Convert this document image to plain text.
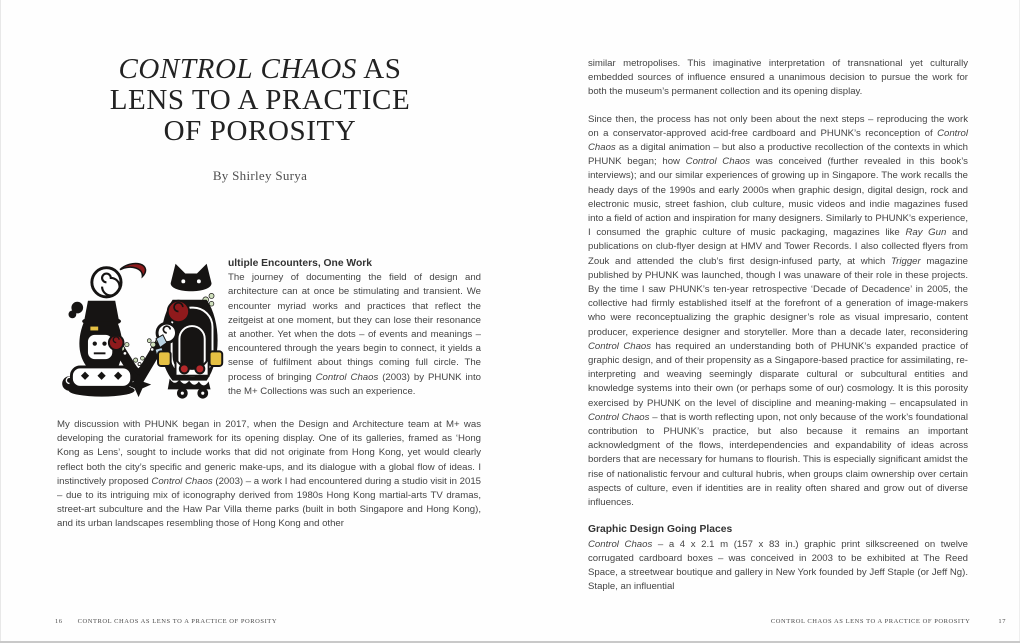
CONTROL CHAOS AS
LENS TO A PRACTICE
OF POROSITY
By Shirley Surya
ultiple Encounters, One Work
The journey of documenting the field of design and architecture can at once be stimulating and transient. We encounter myriad works and practices that reflect the zeitgeist at one moment, but they can lose their resonance at another. Yet when the dots – of events and meanings – encountered through the years begin to connect, it yields a sense of fulfilment about things coming full circle. The process of bringing Control Chaos (2003) by PHUNK into the M+ Collections was such an experience.
My discussion with PHUNK began in 2017, when the Design and Architecture team at M+ was developing the curatorial framework for its opening display. One of its galleries, framed as ‘Hong Kong as Lens’, sought to include works that did not originate from Hong Kong, yet would clearly reflect both the city’s specific and generic make-ups, and its dialogue with a global flow of ideas. I instinctively proposed Control Chaos (2003) – a work I had encountered during a studio visit in 2015 – due to its intriguing mix of iconography derived from 1980s Hong Kong martial-arts TV dramas, street-art subculture and the Haw Par Villa theme parks (built in both Singapore and Hong Kong), and its urban landscapes resembling those of Hong Kong and other
16 CONTROL CHAOS AS LENS TO A PRACTICE OF POROSITY
similar metropolises. This imaginative interpretation of transnational yet culturally embedded sources of influence ensured a unanimous decision to pursue the work for both the museum’s permanent collection and its opening display.
Since then, the process has not only been about the next steps – reproducing the work on a conservator-approved acid-free cardboard and PHUNK’s reconception of Control Chaos as a digital animation – but also a productive recollection of the contexts in which PHUNK began; how Control Chaos was conceived (further revealed in this book’s interviews); and our similar experiences of growing up in Singapore. The work recalls the heady days of the 1990s and early 2000s when graphic design, digital design, rock and electronic music, street fashion, club culture, music videos and indie magazines fused into a field of action and inspiration for many designers. Similarly to PHUNK’s experience, I consumed the graphic culture of music packaging, magazines like Ray Gun and publications on club-flyer design at HMV and Tower Records. I also collected flyers from Zouk and attended the club’s first design-infused party, at which Trigger magazine published by PHUNK was launched, though I was unaware of their role in these projects. By the time I saw PHUNK’s ten-year retrospective ‘Decade of Decadence’ in 2005, the collective had firmly established itself at the forefront of a generation of image-makers who were reconceptualizing the graphic designer’s role as visual impresario, content producer, experience designer and storyteller. More than a decade later, reconsidering Control Chaos has required an understanding both of PHUNK’s expanded practice of graphic design, and of their propensity as a Singapore-based practice for assimilating, re-interpreting and weaving seemingly disparate cultural or subcultural entities and knowledge systems into their own (or perhaps some of our) cosmology. It is this porosity exercised by PHUNK on the level of discipline and meaning-making – encapsulated in Control Chaos – that is worth reflecting upon, not only because of the work’s foundational contribution to PHUNK’s practice, but also because it remains an important acknowledgment of the flows, interdependencies and expandability of ideas across borders that are necessary for humans to flourish. This is especially significant amidst the rise of nationalistic fervour and cultural hubris, when groups claim ownership over certain aspects of culture, even if identities are in reality often shared and grow out of diverse influences.
Graphic Design Going Places
Control Chaos – a 4 x 2.1 m (157 x 83 in.) graphic print silkscreened on twelve corrugated cardboard boxes – was conceived in 2003 to be exhibited at The Reed Space, a streetwear boutique and gallery in New York founded by Jeff Staple (or Jeff Ng). Staple, an influential
CONTROL CHAOS AS LENS TO A PRACTICE OF POROSITY	17
